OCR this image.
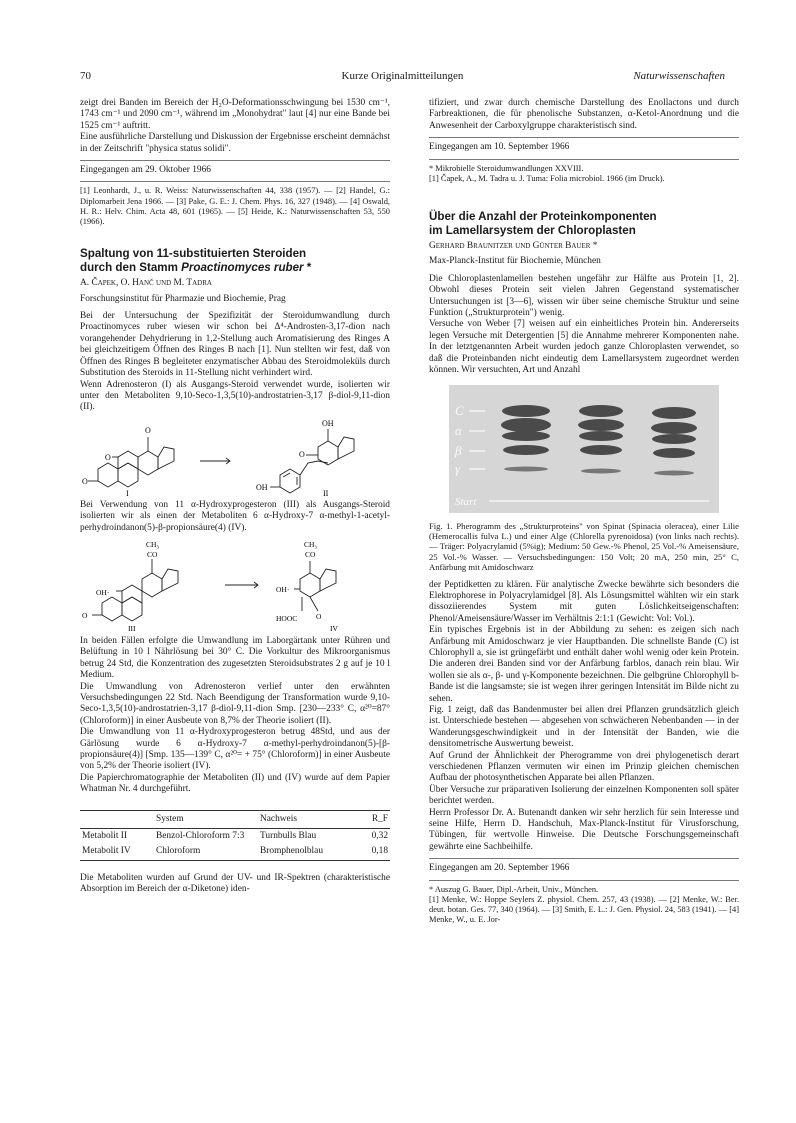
70	Kurze Originalmitteilungen	Naturwissenschaften

zeigt drei Banden im Bereich der H₂O-Deformationsschwingung bei 1530 cm⁻¹, 1743 cm⁻¹ und 2090 cm⁻¹, während im „Monohydrat" laut [4] nur eine Bande bei 1525 cm⁻¹ auftritt.

Eine ausführliche Darstellung und Diskussion der Ergebnisse erscheint demnächst in der Zeitschrift "physica status solidi".

Eingegangen am 29. Oktober 1966

[1] Leonhardt, J., u. R. Weiss: Naturwissenschaften 44, 338 (1957). — [2] Handel, G.: Diplomarbeit Jena 1966. — [3] Pake, G. E.: J. Chem. Phys. 16, 327 (1948). — [4] Oswald, H. R.: Helv. Chim. Acta 48, 601 (1965). — [5] Heide, K.: Naturwissenschaften 53, 550 (1966).

Spaltung von 11-substituierten Steroiden
durch den Stamm Proactinomyces ruber *

A. Čapek, O. Hanč und M. Tadra

Forschungsinstitut für Pharmazie und Biochemie, Prag

Bei der Untersuchung der Spezifizität der Steroidumwandlung durch Proactinomyces ruber wiesen wir schon bei Δ⁴-Androsten-3,17-dion nach vorangehender Dehydrierung in 1,2-Stellung auch Aromatisierung des Ringes A bei gleichzeitigem Öffnen des Ringes B nach [1]. Nun stellten wir fest, daß von Öffnen des Ringes B begleiteter enzymatischer Abbau des Steroidmoleküls durch Substitution des Steroids in 11-Stellung nicht verhindert wird.

Wenn Adrenosteron (I) als Ausgangs-Steroid verwendet wurde, isolierten wir unter den Metaboliten 9,10-Seco-1,3,5(10)-androstatrien-3,17 β-diol-9,11-dion (II).

O
O
O
I
O
OH
OH
II

Bei Verwendung von 11 α-Hydroxyprogesteron (III) als Ausgangs-Steroid isolierten wir als einen der Metaboliten 6 α-Hydroxy-7 α-methyl-1-acetyl-perhydroindanon(5)-β-propionsäure(4) (IV).

CH₃
CO
OH·
O
III
CH₃
CO
OH·
O
HOOC
IV

In beiden Fällen erfolgte die Umwandlung im Laborgärtank unter Rühren und Belüftung in 10 l Nährlösung bei 30° C. Die Vorkultur des Mikroorganismus betrug 24 Std, die Konzentration des zugesetzten Steroidsubstrates 2 g auf je 10 l Medium.

Die Umwandlung von Adrenosteron verlief unter den erwähnten Versuchsbedingungen 22 Std. Nach Beendigung der Transformation wurde 9,10-Seco-1,3,5(10)-androstatrien-3,17 β-diol-9,11-dion Smp. [230—233° C, α²⁰=87° (Chloroform)] in einer Ausbeute von 8,7% der Theorie isoliert (II).

Die Umwandlung von 11 α-Hydroxyprogesteron betrug 48Std, und aus der Gärlösung wurde 6 α-Hydroxy-7 α-methyl-perhydroindanon(5)-[β-propionsäure(4)] [Smp. 135—139° C, α²⁰= + 75° (Chloroform)] in einer Ausbeute von 5,2% der Theorie isoliert (IV).

Die Papierchromatographie der Metaboliten (II) und (IV) wurde auf dem Papier Whatman Nr. 4 durchgeführt.

	System	Nachweis	R_F
Metabolit II	Benzol-Chloroform 7:3	Turnbulls Blau	0,32
Metabolit IV	Chloroform	Bromphenolblau	0,18

Die Metaboliten wurden auf Grund der UV- und IR-Spektren (charakteristische Absorption im Bereich der α-Diketone) iden-

tifiziert, und zwar durch chemische Darstellung des Enollactons und durch Farbreaktionen, die für phenolische Substanzen, α-Ketol-Anordnung und die Anwesenheit der Carboxylgruppe charakteristisch sind.

Eingegangen am 10. September 1966

* Mikrobielle Steroidumwandlungen XXVIII.

[1] Čapek, A., M. Tadra u. J. Tuma: Folia microbiol. 1966 (im Druck).

Über die Anzahl der Proteinkomponenten
im Lamellarsystem der Chloroplasten

Gerhard Braunitzer und Günter Bauer *

Max-Planck-Institut für Biochemie, München

Die Chloroplastenlamellen bestehen ungefähr zur Hälfte aus Protein [1, 2]. Obwohl dieses Protein seit vielen Jahren Gegenstand systematischer Untersuchungen ist [3—6], wissen wir über seine chemische Struktur und seine Funktion („Strukturprotein") wenig.

Versuche von Weber [7] weisen auf ein einheitliches Protein hin. Andererseits legen Versuche mit Detergentien [5] die Annahme mehrerer Komponenten nahe. In der letztgenannten Arbeit wurden jedoch ganze Chloroplasten verwendet, so daß die Proteinbanden nicht eindeutig dem Lamellarsystem zugeordnet werden können. Wir versuchten, Art und Anzahl

C
α
β
γ
Start

Fig. 1. Pherogramm des „Strukturproteins" von Spinat (Spinacia oleracea), einer Lilie (Hemerocallis fulva L.) und einer Alge (Chlorella pyrenoidosa) (von links nach rechts). — Träger: Polyacrylamid (5%ig); Medium: 50 Gew.-% Phenol, 25 Vol.-% Ameisensäure, 25 Vol.-% Wasser. — Versuchsbedingungen: 150 Volt; 20 mA, 250 min, 25° C, Anfärbung mit Amidoschwarz

der Peptidketten zu klären. Für analytische Zwecke bewährte sich besonders die Elektrophorese in Polyacrylamidgel [8]. Als Lösungsmittel wählten wir ein stark dissoziierendes System mit guten Löslichkeitseigenschaften: Phenol/Ameisensäure/Wasser im Verhältnis 2:1:1 (Gewicht: Vol: Vol.).

Ein typisches Ergebnis ist in der Abbildung zu sehen: es zeigen sich nach Anfärbung mit Amidoschwarz je vier Hauptbanden. Die schnellste Bande (C) ist Chlorophyll a, sie ist grüngefärbt und enthält daher wohl wenig oder kein Protein. Die anderen drei Banden sind vor der Anfärbung farblos, danach rein blau. Wir wollen sie als α-, β- und γ-Komponente bezeichnen. Die gelbgrüne Chlorophyll b-Bande ist die langsamste; sie ist wegen ihrer geringen Intensität im Bilde nicht zu sehen.

Fig. 1 zeigt, daß das Bandenmuster bei allen drei Pflanzen grundsätzlich gleich ist. Unterschiede bestehen — abgesehen von schwächeren Nebenbanden — in der Wanderungsgeschwindigkeit und in der Intensität der Banden, wie die densitometrische Auswertung beweist.

Auf Grund der Ähnlichkeit der Pherogramme von drei phylogenetisch derart verschiedenen Pflanzen vermuten wir einen im Prinzip gleichen chemischen Aufbau der photosynthetischen Apparate bei allen Pflanzen.

Über Versuche zur präparativen Isolierung der einzelnen Komponenten soll später berichtet werden.

Herrn Professor Dr. A. Butenandt danken wir sehr herzlich für sein Interesse und seine Hilfe, Herrn D. Handschuh, Max-Planck-Institut für Virusforschung, Tübingen, für wertvolle Hinweise. Die Deutsche Forschungsgemeinschaft gewährte eine Sachbeihilfe.

Eingegangen am 20. September 1966

* Auszug G. Bauer, Dipl.-Arbeit, Univ., München.

[1] Menke, W.: Hoppe Seylers Z. physiol. Chem. 257, 43 (1938). — [2] Menke, W.: Ber. deut. botan. Ges. 77, 340 (1964). — [3] Smith, E. L.: J. Gen. Physiol. 24, 583 (1941). — [4] Menke, W., u. E. Jor-
